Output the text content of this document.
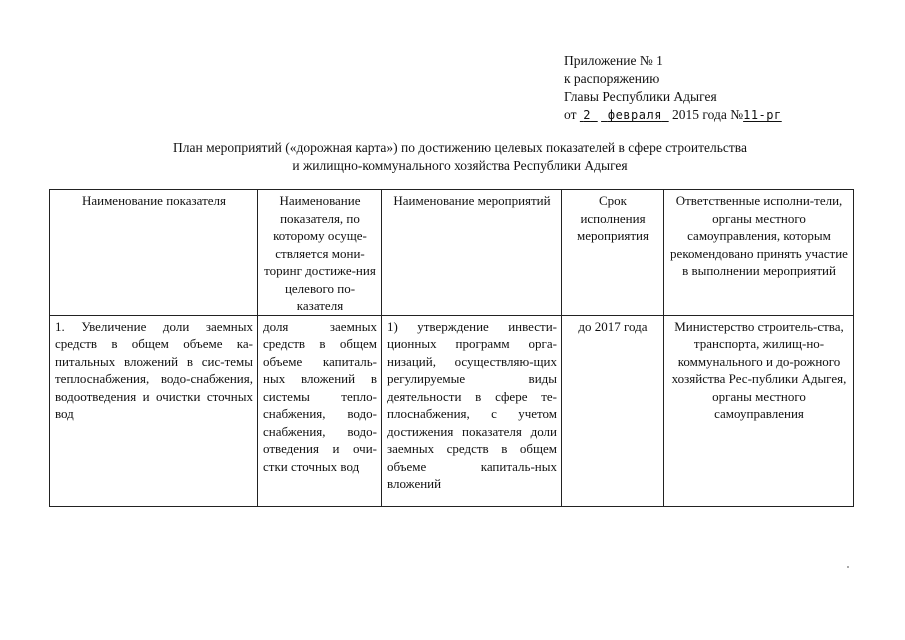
Приложение № 1
к распоряжению
Главы Республики Адыгея
от 2 февраля 2015 года №11-рг
План мероприятий («дорожная карта») по достижению целевых показателей в сфере строительства
и жилищно-коммунального хозяйства Республики Адыгея
Наименование показателя	Наименование показателя, по которому осуще-ствляется мони-торинг достиже-ния целевого по-казателя	Наименование мероприятий	Срок исполнения мероприятия	Ответственные исполни-тели, органы местного самоуправления, которым рекомендовано принять участие в выполнении мероприятий
1. Увеличение доли заемных средств в общем объеме ка-питальных вложений в сис-темы теплоснабжения, водо-снабжения, водоотведения и очистки сточных вод	доля заемных средств в общем объеме капиталь-ных вложений в системы тепло-снабжения, водо-снабжения, водо-отведения и очи-стки сточных вод	1) утверждение инвести-ционных программ орга-низаций, осуществляю-щих регулируемые виды деятельности в сфере те-плоснабжения, с учетом достижения показателя доли заемных средств в общем объеме капиталь-ных вложений	до 2017 года	Министерство строитель-ства, транспорта, жилищ-но-коммунального и до-рожного хозяйства Рес-публики Адыгея, органы местного самоуправления
